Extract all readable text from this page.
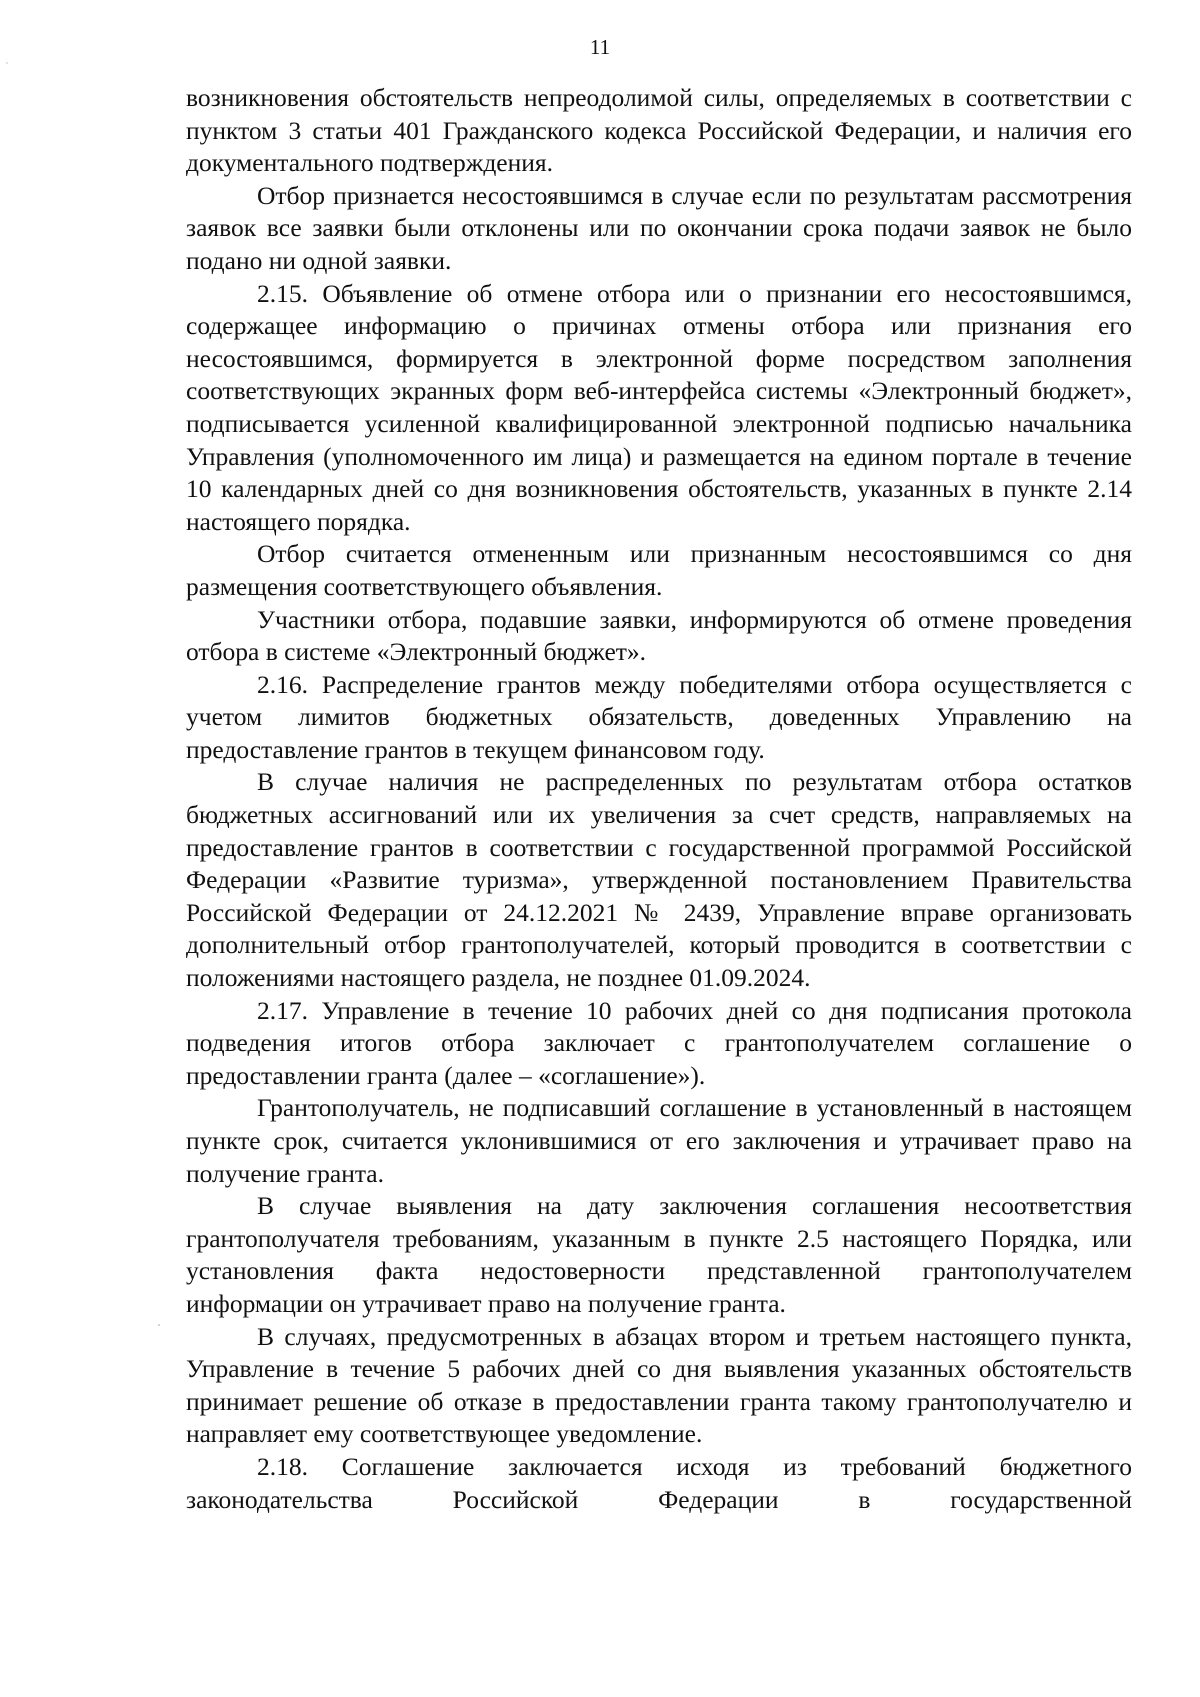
11

возникновения обстоятельств непреодолимой силы, определяемых в соответствии с пунктом 3 статьи 401 Гражданского кодекса Российской Федерации, и наличия его документального подтверждения.

Отбор признается несостоявшимся в случае если по результатам рассмотрения заявок все заявки были отклонены или по окончании срока подачи заявок не было подано ни одной заявки.

2.15. Объявление об отмене отбора или о признании его несостоявшимся, содержащее информацию о причинах отмены отбора или признания его несостоявшимся, формируется в электронной форме посредством заполнения соответствующих экранных форм веб-интерфейса системы «Электронный бюджет», подписывается усиленной квалифицированной электронной подписью начальника Управления (уполномоченного им лица) и размещается на едином портале в течение 10 календарных дней со дня возникновения обстоятельств, указанных в пункте 2.14 настоящего порядка.

Отбор считается отмененным или признанным несостоявшимся со дня размещения соответствующего объявления.

Участники отбора, подавшие заявки, информируются об отмене проведения отбора в системе «Электронный бюджет».

2.16. Распределение грантов между победителями отбора осуществляется с учетом лимитов бюджетных обязательств, доведенных Управлению на предоставление грантов в текущем финансовом году.

В случае наличия не распределенных по результатам отбора остатков бюджетных ассигнований или их увеличения за счет средств, направляемых на предоставление грантов в соответствии с государственной программой Российской Федерации «Развитие туризма», утвержденной постановлением Правительства Российской Федерации от 24.12.2021 № 2439, Управление вправе организовать дополнительный отбор грантополучателей, который проводится в соответствии с положениями настоящего раздела, не позднее 01.09.2024.

2.17. Управление в течение 10 рабочих дней со дня подписания протокола подведения итогов отбора заключает с грантополучателем соглашение о предоставлении гранта (далее – «соглашение»).

Грантополучатель, не подписавший соглашение в установленный в настоящем пункте срок, считается уклонившимися от его заключения и утрачивает право на получение гранта.

В случае выявления на дату заключения соглашения несоответствия грантополучателя требованиям, указанным в пункте 2.5 настоящего Порядка, или установления факта недостоверности представленной грантополучателем информации он утрачивает право на получение гранта.

В случаях, предусмотренных в абзацах втором и третьем настоящего пункта, Управление в течение 5 рабочих дней со дня выявления указанных обстоятельств принимает решение об отказе в предоставлении гранта такому грантополучателю и направляет ему соответствующее уведомление.

2.18. Соглашение заключается исходя из требований бюджетного законодательства Российской Федерации в государственной
